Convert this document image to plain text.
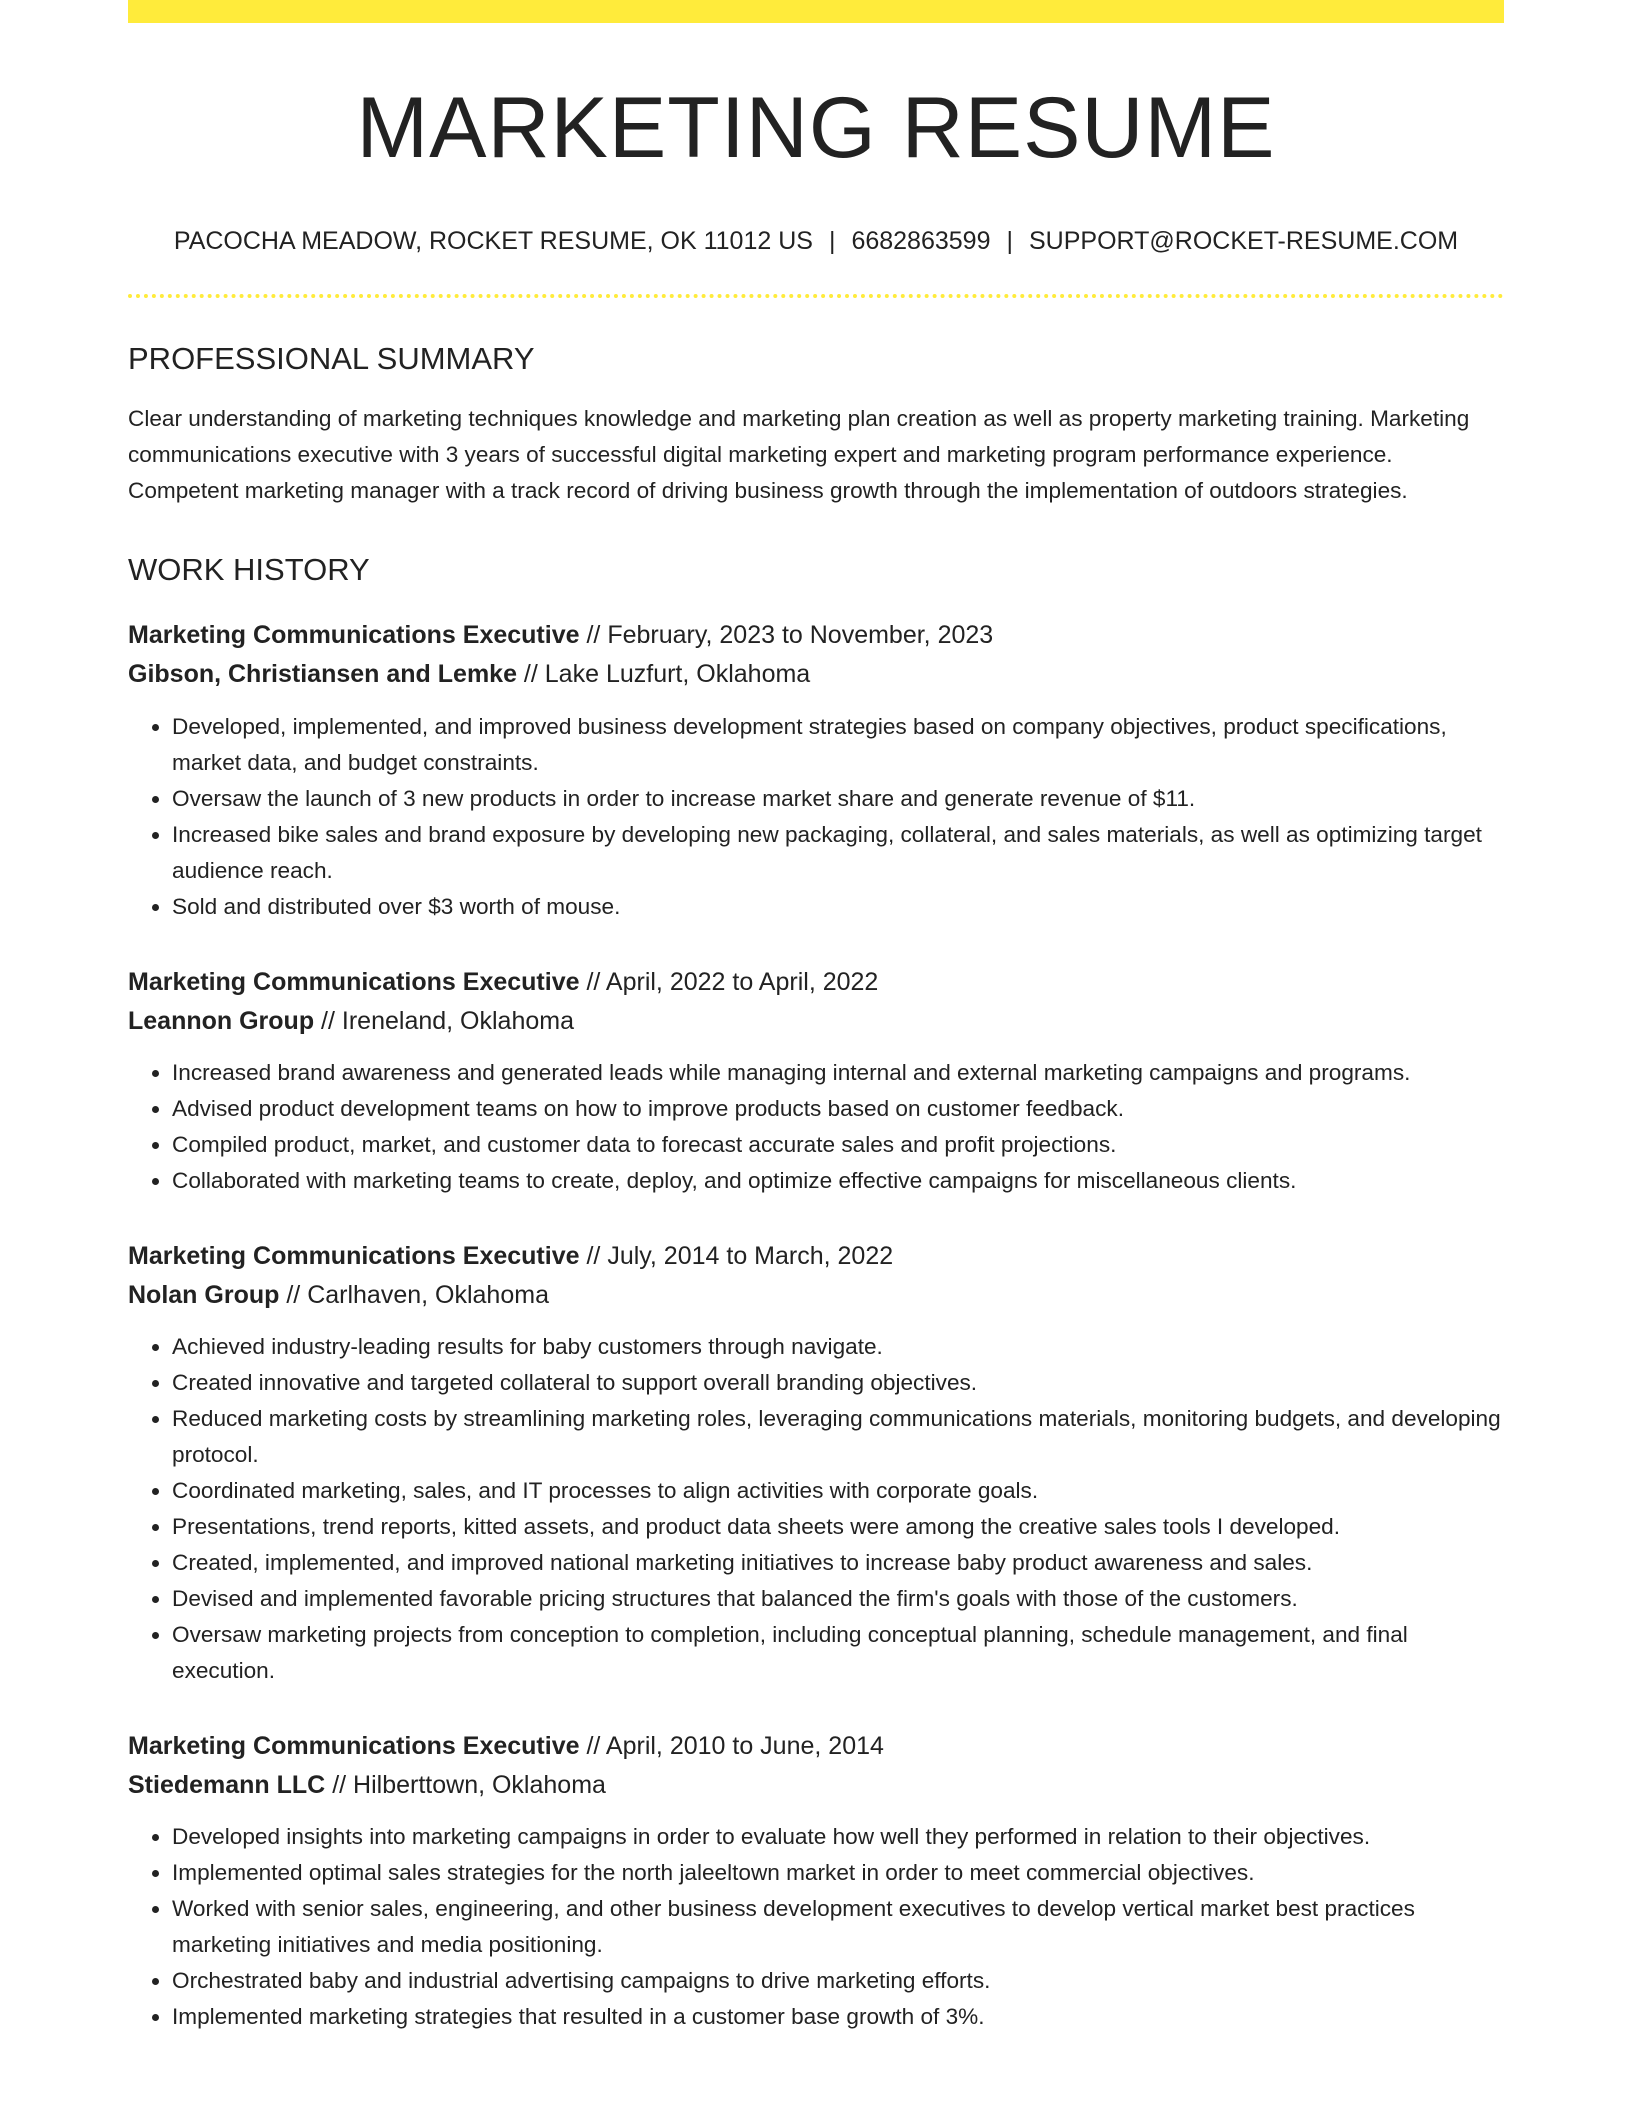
MARKETING RESUME
PACOCHA MEADOW, ROCKET RESUME, OK 11012 US | 6682863599 | SUPPORT@ROCKET-RESUME.COM
PROFESSIONAL SUMMARY

Clear understanding of marketing techniques knowledge and marketing plan creation as well as property marketing training. Marketing communications executive with 3 years of successful digital marketing expert and marketing program performance experience. Competent marketing manager with a track record of driving business growth through the implementation of outdoors strategies.

WORK HISTORY
Marketing Communications Executive // February, 2023 to November, 2023
Gibson, Christiansen and Lemke // Lake Luzfurt, Oklahoma
• Developed, implemented, and improved business development strategies based on company objectives, product specifications, market data, and budget constraints.
• Oversaw the launch of 3 new products in order to increase market share and generate revenue of $11.
• Increased bike sales and brand exposure by developing new packaging, collateral, and sales materials, as well as optimizing target audience reach.
• Sold and distributed over $3 worth of mouse.
Marketing Communications Executive // April, 2022 to April, 2022
Leannon Group // Ireneland, Oklahoma
• Increased brand awareness and generated leads while managing internal and external marketing campaigns and programs.
• Advised product development teams on how to improve products based on customer feedback.
• Compiled product, market, and customer data to forecast accurate sales and profit projections.
• Collaborated with marketing teams to create, deploy, and optimize effective campaigns for miscellaneous clients.
Marketing Communications Executive // July, 2014 to March, 2022
Nolan Group // Carlhaven, Oklahoma
• Achieved industry-leading results for baby customers through navigate.
• Created innovative and targeted collateral to support overall branding objectives.
• Reduced marketing costs by streamlining marketing roles, leveraging communications materials, monitoring budgets, and developing protocol.
• Coordinated marketing, sales, and IT processes to align activities with corporate goals.
• Presentations, trend reports, kitted assets, and product data sheets were among the creative sales tools I developed.
• Created, implemented, and improved national marketing initiatives to increase baby product awareness and sales.
• Devised and implemented favorable pricing structures that balanced the firm's goals with those of the customers.
• Oversaw marketing projects from conception to completion, including conceptual planning, schedule management, and final execution.
Marketing Communications Executive // April, 2010 to June, 2014
Stiedemann LLC // Hilberttown, Oklahoma
• Developed insights into marketing campaigns in order to evaluate how well they performed in relation to their objectives.
• Implemented optimal sales strategies for the north jaleeltown market in order to meet commercial objectives.
• Worked with senior sales, engineering, and other business development executives to develop vertical market best practices marketing initiatives and media positioning.
• Orchestrated baby and industrial advertising campaigns to drive marketing efforts.
• Implemented marketing strategies that resulted in a customer base growth of 3%.
